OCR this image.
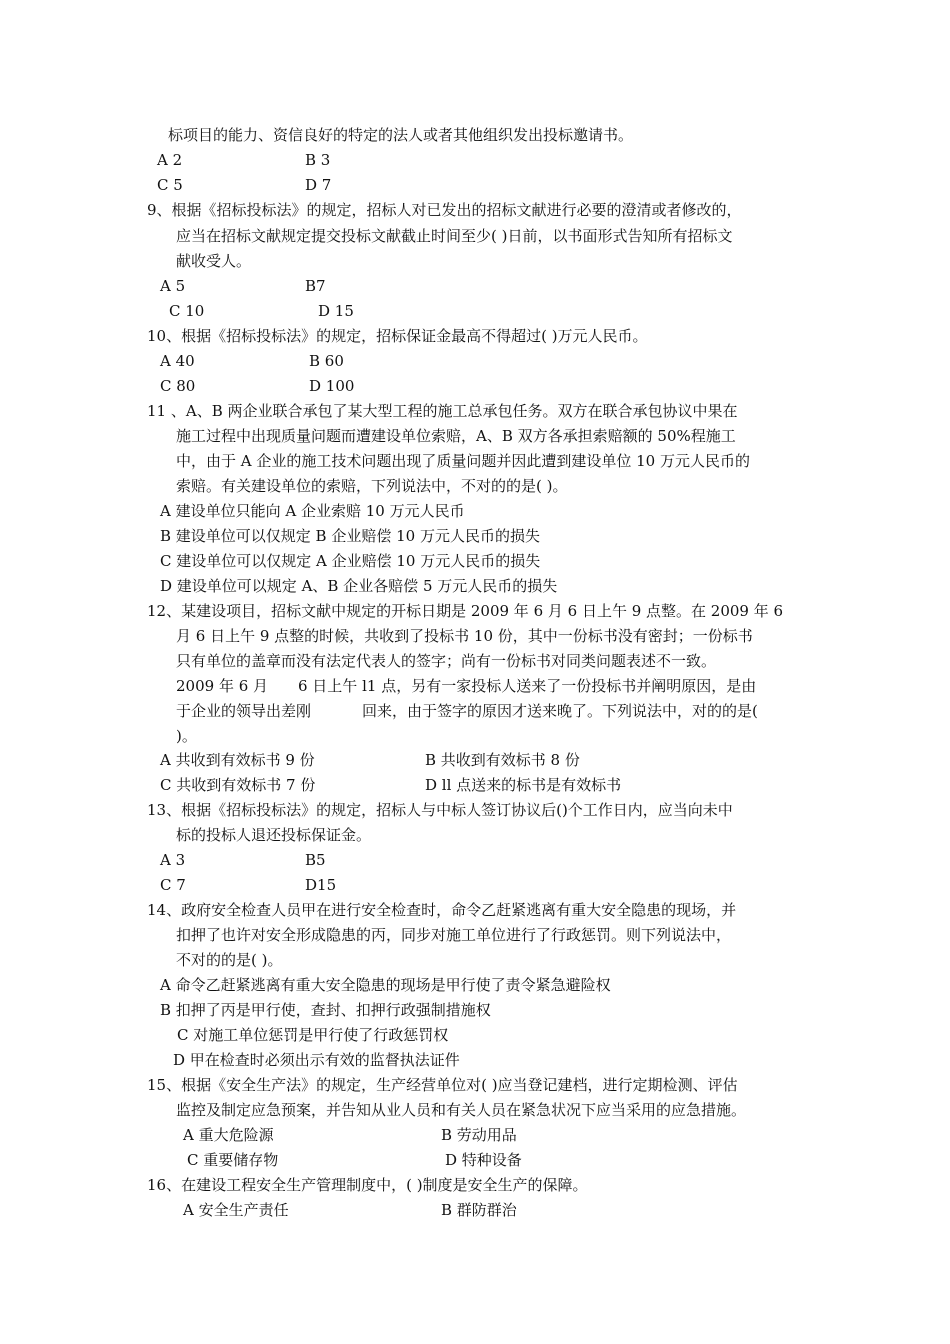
标项目的能力、资信良好的特定的法人或者其他组织发出投标邀请书。
A 2	B 3
C 5	D 7
9、根据《招标投标法》的规定，招标人对已发出的招标文献进行必要的澄清或者修改的，
应当在招标文献规定提交投标文献截止时间至少( )日前，以书面形式告知所有招标文
献收受人。
A 5	B7
C 10	D 15
10、根据《招标投标法》的规定，招标保证金最高不得超过( )万元人民币。
A 40	B 60
C 80	D 100
11 、A、B 两企业联合承包了某大型工程的施工总承包任务。双方在联合承包协议中果在
施工过程中出现质量问题而遭建设单位索赔，A、B 双方各承担索赔额的 50%程施工
中，由于 A 企业的施工技术问题出现了质量问题并因此遭到建设单位 10 万元人民币的
索赔。有关建设单位的索赔，下列说法中，不对的的是( )。
A 建设单位只能向 A 企业索赔 10 万元人民币
B 建设单位可以仅规定 B 企业赔偿 10 万元人民币的损失
C 建设单位可以仅规定 A 企业赔偿 10 万元人民币的损失
D 建设单位可以规定 A、B 企业各赔偿 5 万元人民币的损失
12、某建设项目，招标文献中规定的开标日期是 2009 年 6 月 6 日上午 9 点整。在 2009 年 6
月 6 日上午 9 点整的时候，共收到了投标书 10 份，其中一份标书没有密封；一份标书
只有单位的盖章而没有法定代表人的签字；尚有一份标书对同类问题表述不一致。
2009 年 6 月 6 日上午 l1 点，另有一家投标人送来了一份投标书并阐明原因，是由
于企业的领导出差刚	回来，由于签字的原因才送来晚了。下列说法中，对的的是(
)。
A 共收到有效标书 9 份	B 共收到有效标书 8 份
C 共收到有效标书 7 份	D ll 点送来的标书是有效标书
13、根据《招标投标法》的规定，招标人与中标人签订协议后()个工作日内，应当向未中
标的投标人退还投标保证金。
A 3	B5
C 7	D15
14、政府安全检查人员甲在进行安全检查时，命令乙赶紧逃离有重大安全隐患的现场，并
扣押了也许对安全形成隐患的丙，同步对施工单位进行了行政惩罚。则下列说法中，
不对的的是( )。
A 命令乙赶紧逃离有重大安全隐患的现场是甲行使了责令紧急避险权
B 扣押了丙是甲行使，查封、扣押行政强制措施权
C 对施工单位惩罚是甲行使了行政惩罚权
D 甲在检查时必须出示有效的监督执法证件
15、根据《安全生产法》的规定，生产经营单位对( )应当登记建档，进行定期检测、评估
监控及制定应急预案，并告知从业人员和有关人员在紧急状况下应当采用的应急措施。
A 重大危险源	B 劳动用品
C 重要储存物	D 特种设备
16、在建设工程安全生产管理制度中，( )制度是安全生产的保障。
A 安全生产责任	B 群防群治
